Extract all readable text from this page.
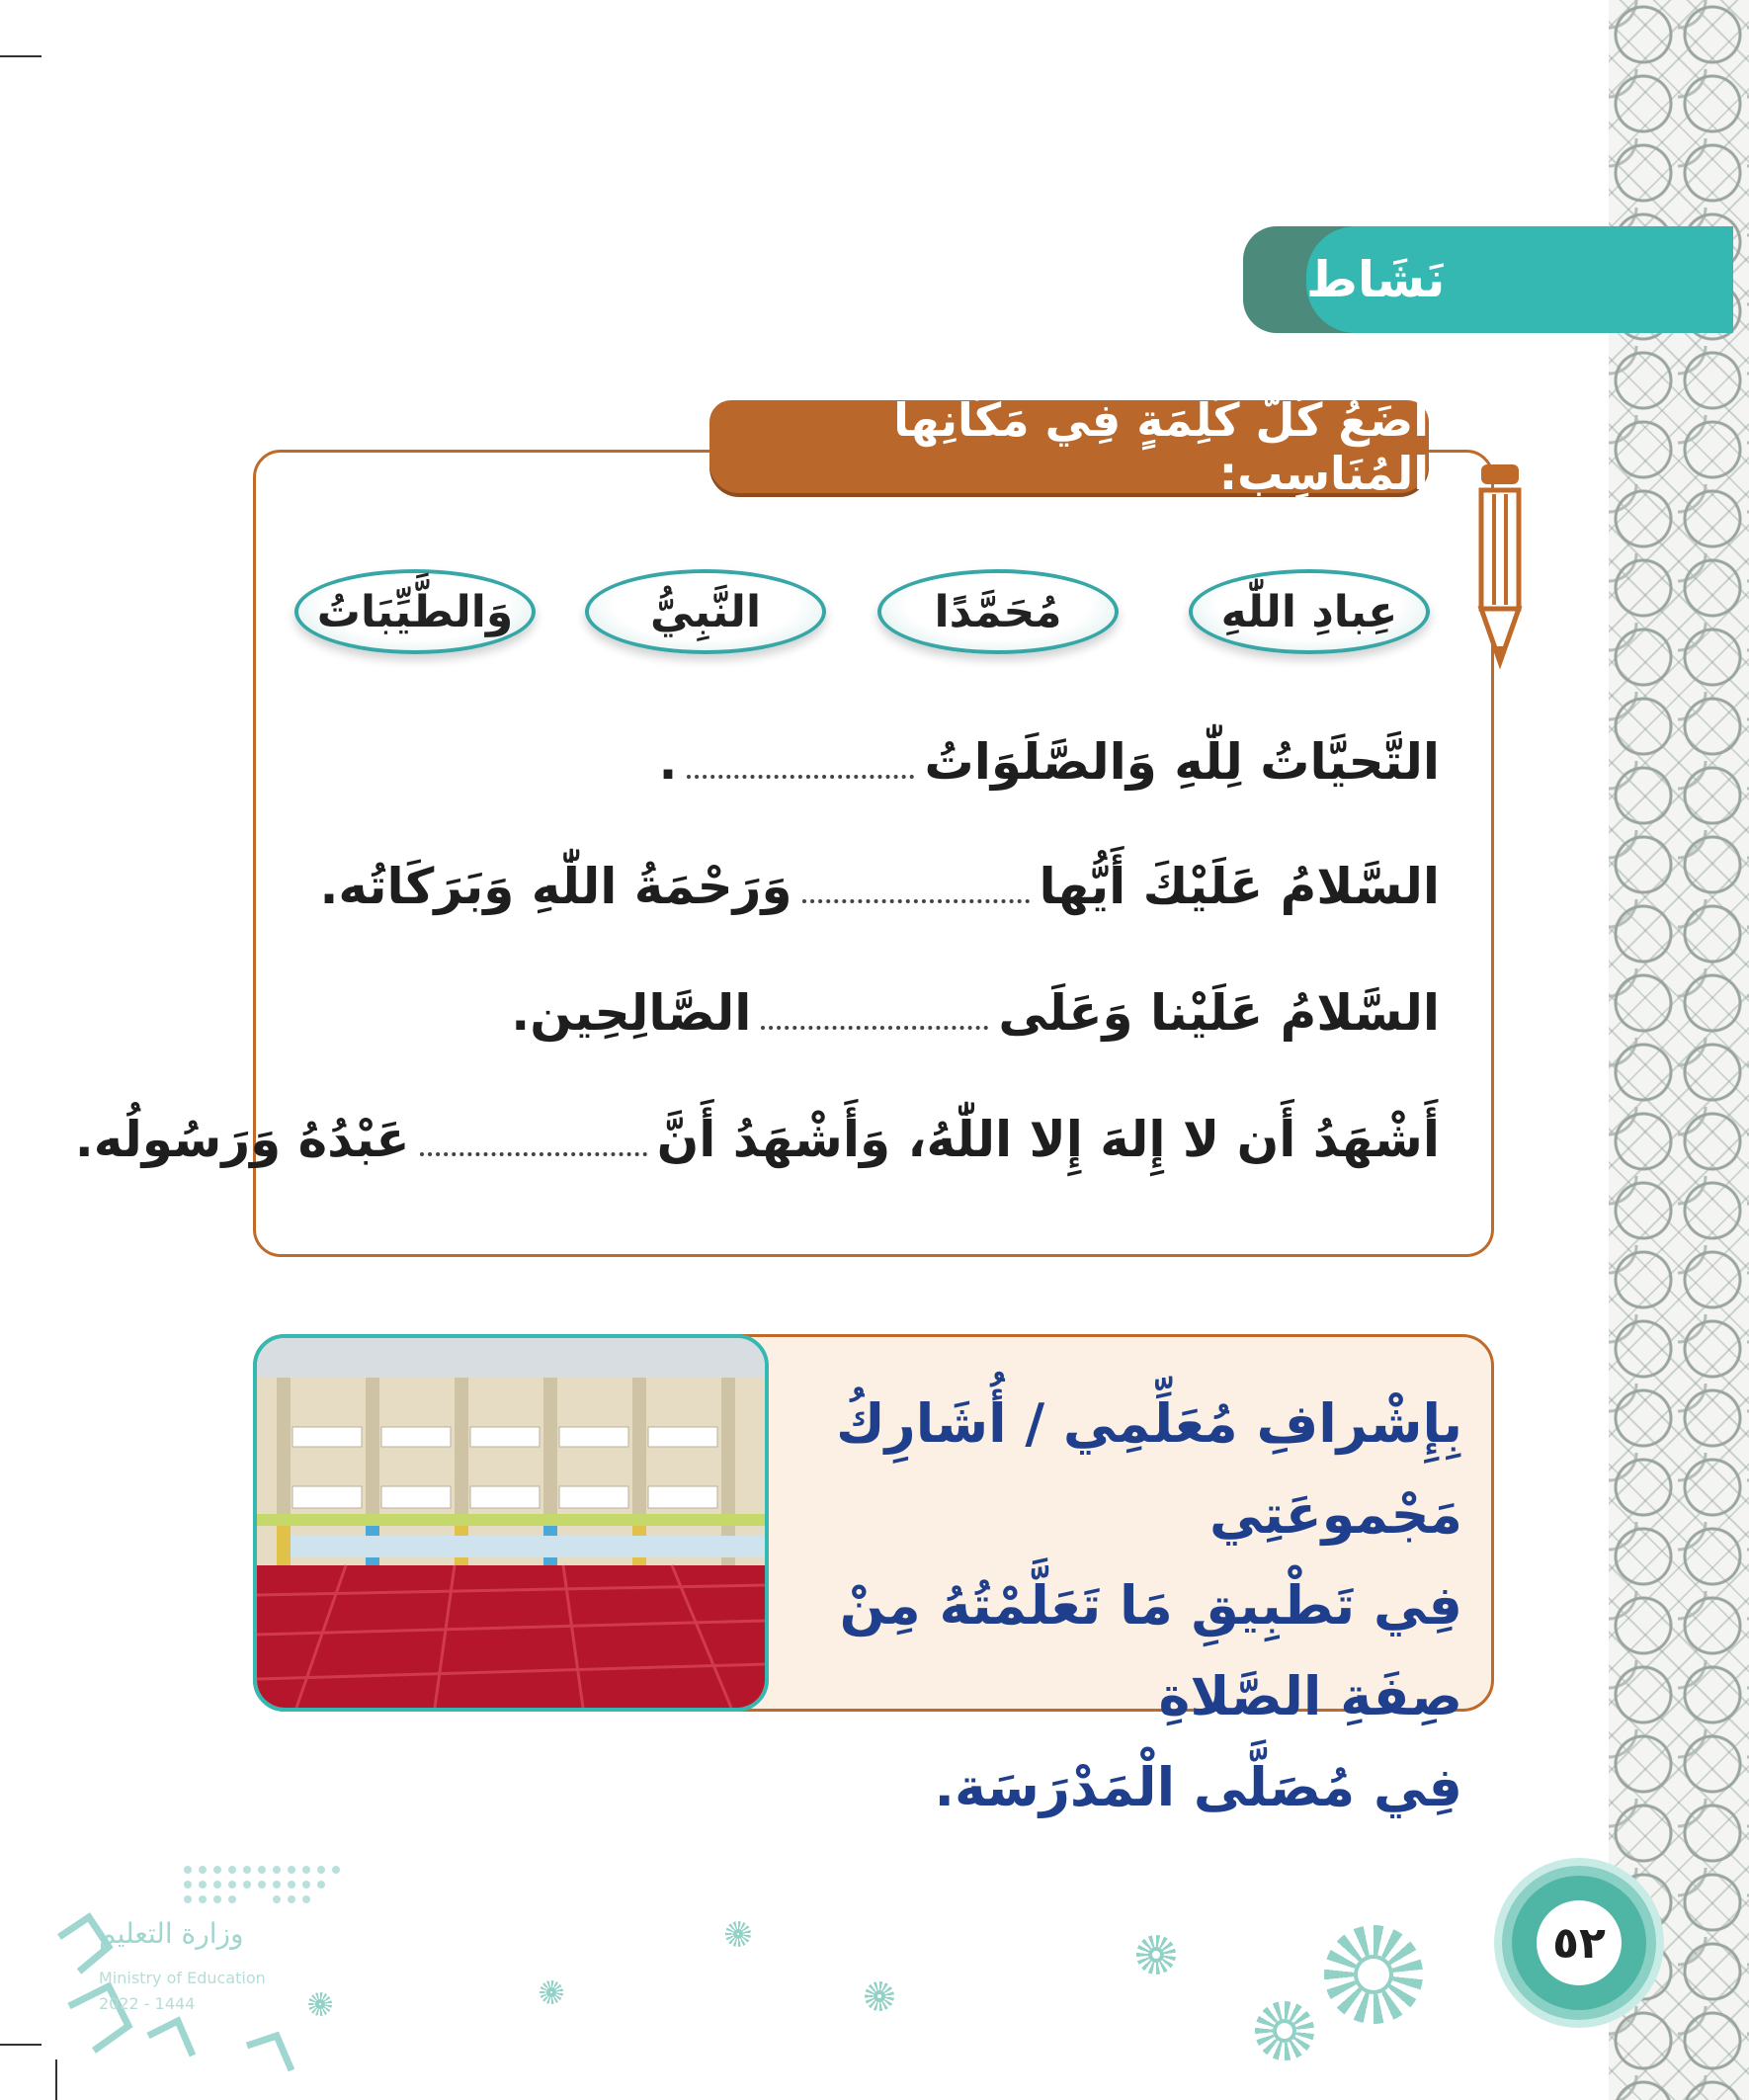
نَشَاط
أَضَعُ كُلَّ كَلِمَةٍ فِي مَكَانِها المُنَاسِب:
عِبادِ اللّٰهِ
مُحَمَّدًا
النَّبِيُّ
وَالطَّيِّبَاتُ
التَّحيَّاتُ لِلّٰهِ وَالصَّلَوَاتُ.
السَّلامُ عَلَيْكَ أَيُّهاوَرَحْمَةُ اللّٰهِ وَبَرَكَاتُه.
السَّلامُ عَلَيْنا وَعَلَىالصَّالِحِين.
أَشْهَدُ أَن لا إِلهَ إِلا اللّٰهُ، وَأَشْهَدُ أَنَّعَبْدُهُ وَرَسُولُه.
بِإِشْرافِ مُعَلِّمِي / أُشَارِكُ مَجْموعَتِي
فِي تَطْبِيقِ مَا تَعَلَّمْتُهُ مِنْ صِفَةِ الصَّلاةِ
فِي مُصَلَّى الْمَدْرَسَة.
٥٢
وزارة التعليم
Ministry of Education
2022 - 1444
